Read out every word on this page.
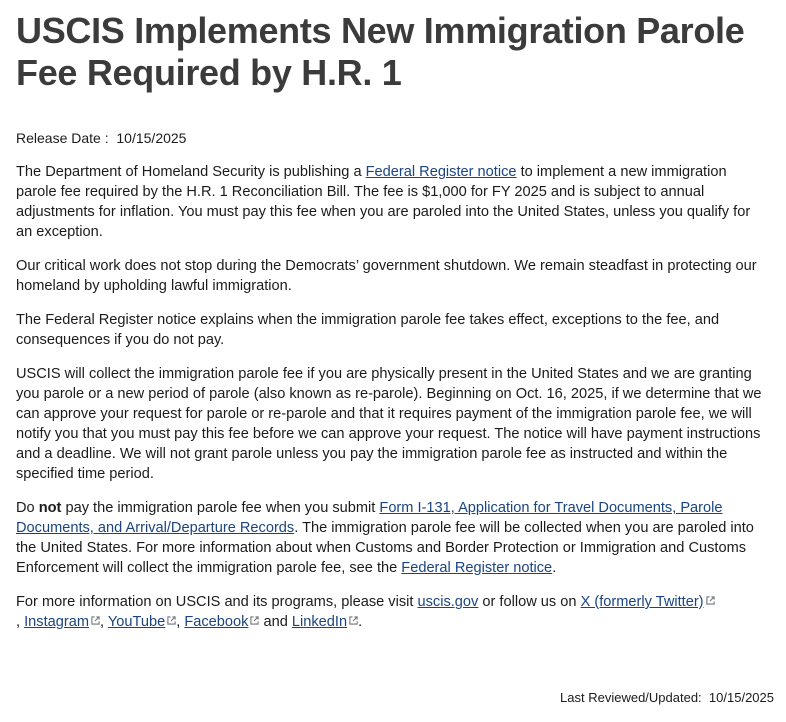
USCIS Implements New Immigration Parole Fee Required by H.R. 1
Release Date : 10/15/2025

The Department of Homeland Security is publishing a Federal Register notice to implement a new immigration parole fee required by the H.R. 1 Reconciliation Bill. The fee is $1,000 for FY 2025 and is subject to annual adjustments for inflation. You must pay this fee when you are paroled into the United States, unless you qualify for an exception.

Our critical work does not stop during the Democrats’ government shutdown. We remain steadfast in protecting our homeland by upholding lawful immigration.

The Federal Register notice explains when the immigration parole fee takes effect, exceptions to the fee, and consequences if you do not pay.

USCIS will collect the immigration parole fee if you are physically present in the United States and we are granting you parole or a new period of parole (also known as re-parole). Beginning on Oct. 16, 2025, if we determine that we can approve your request for parole or re-parole and that it requires payment of the immigration parole fee, we will notify you that you must pay this fee before we can approve your request. The notice will have payment instructions and a deadline. We will not grant parole unless you pay the immigration parole fee as instructed and within the specified time period.

Do not pay the immigration parole fee when you submit Form I-131, Application for Travel Documents, Parole Documents, and Arrival/Departure Records. The immigration parole fee will be collected when you are paroled into the United States. For more information about when Customs and Border Protection or Immigration and Customs Enforcement will collect the immigration parole fee, see the Federal Register notice.

For more information on USCIS and its programs, please visit uscis.gov or follow us on X (formerly Twitter)

, Instagram , YouTube , Facebook
and LinkedIn .

Last Reviewed/Updated: 10/15/2025
